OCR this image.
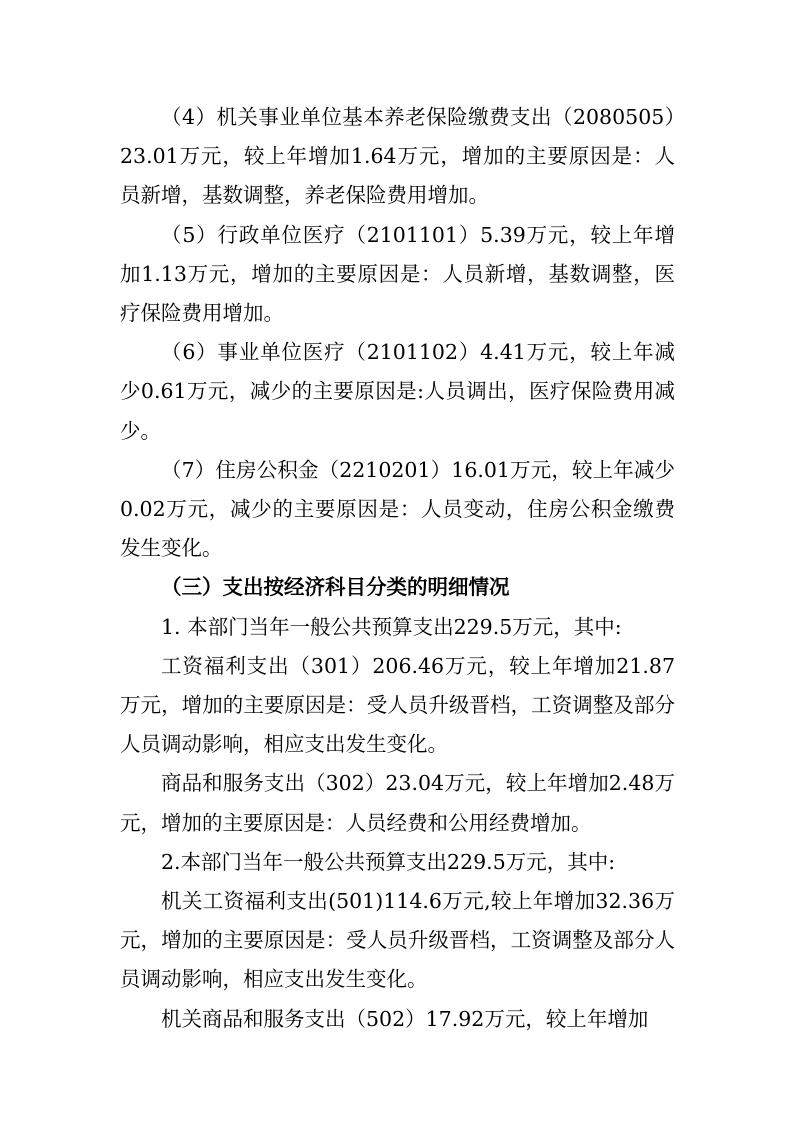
（4）机关事业单位基本养老保险缴费支出（2080505）23.01万元，较上年增加1.64万元，增加的主要原因是：人员新增，基数调整，养老保险费用增加。

（5）行政单位医疗（2101101）5.39万元，较上年增加1.13万元，增加的主要原因是：人员新增，基数调整，医疗保险费用增加。

（6）事业单位医疗（2101102）4.41万元，较上年减少0.61万元，减少的主要原因是:人员调出，医疗保险费用减少。

（7）住房公积金（2210201）16.01万元，较上年减少0.02万元，减少的主要原因是：人员变动，住房公积金缴费发生变化。

（三）支出按经济科目分类的明细情况

1. 本部门当年一般公共预算支出229.5万元，其中:

工资福利支出（301）206.46万元，较上年增加21.87万元，增加的主要原因是：受人员升级晋档，工资调整及部分人员调动影响，相应支出发生变化。

商品和服务支出（302）23.04万元，较上年增加2.48万元，增加的主要原因是：人员经费和公用经费增加。

2.本部门当年一般公共预算支出229.5万元，其中:

机关工资福利支出(501)114.6万元,较上年增加32.36万元，增加的主要原因是：受人员升级晋档，工资调整及部分人员调动影响，相应支出发生变化。

机关商品和服务支出（502）17.92万元，较上年增加
